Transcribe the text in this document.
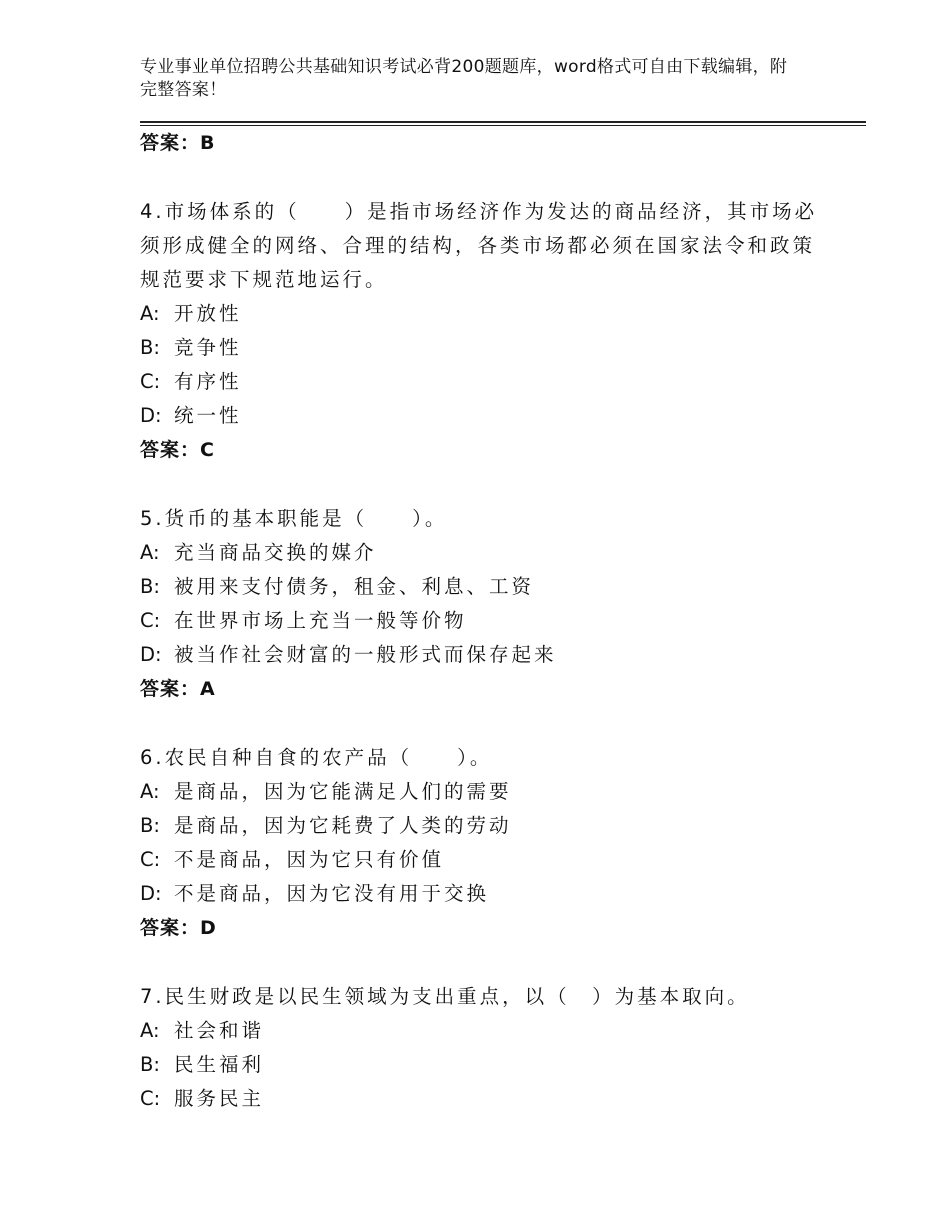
专业事业单位招聘公共基础知识考试必背200题题库，word格式可自由下载编辑，附完整答案！
答案：B
4.市场体系的（　　）是指市场经济作为发达的商品经济，其市场必
须形成健全的网络、合理的结构，各类市场都必须在国家法令和政策
规范要求下规范地运行。
A: 开放性
B: 竞争性
C: 有序性
D: 统一性
答案：C
5.货币的基本职能是（　　）。
A: 充当商品交换的媒介
B: 被用来支付债务，租金、利息、工资
C: 在世界市场上充当一般等价物
D: 被当作社会财富的一般形式而保存起来
答案：A
6.农民自种自食的农产品（　　）。
A: 是商品，因为它能满足人们的需要
B: 是商品，因为它耗费了人类的劳动
C: 不是商品，因为它只有价值
D: 不是商品，因为它没有用于交换
答案：D
7.民生财政是以民生领域为支出重点，以（　）为基本取向。
A: 社会和谐
B: 民生福利
C: 服务民主
